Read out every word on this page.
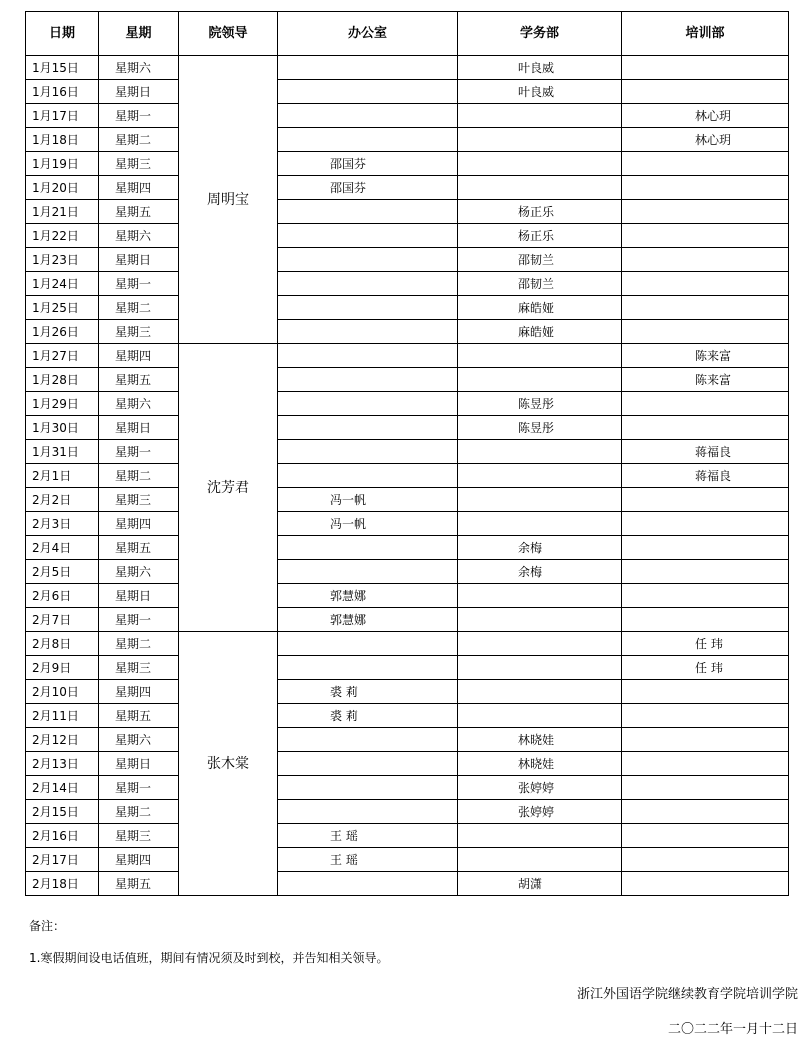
日期	星期	院领导	办公室	学务部	培训部
1月15日	星期六	周明宝		叶良威	
1月16日	星期日			叶良威	
1月17日	星期一				林心玥
1月18日	星期二				林心玥
1月19日	星期三		邵国芬		
1月20日	星期四		邵国芬		
1月21日	星期五			杨正乐	
1月22日	星期六			杨正乐	
1月23日	星期日			邵韧兰	
1月24日	星期一			邵韧兰	
1月25日	星期二			麻皓娅	
1月26日	星期三			麻皓娅	
1月27日	星期四	沈芳君			陈来富
1月28日	星期五				陈来富
1月29日	星期六			陈昱彤	
1月30日	星期日			陈昱彤	
1月31日	星期一				蒋福良
2月1日	星期二				蒋福良
2月2日	星期三		冯一帆		
2月3日	星期四		冯一帆		
2月4日	星期五			余梅	
2月5日	星期六			余梅	
2月6日	星期日		郭慧娜		
2月7日	星期一		郭慧娜		
2月8日	星期二	张木棠			任 玮
2月9日	星期三				任 玮
2月10日	星期四		裘 莉		
2月11日	星期五		裘 莉		
2月12日	星期六			林晓娃	
2月13日	星期日			林晓娃	
2月14日	星期一			张婷婷	
2月15日	星期二			张婷婷	
2月16日	星期三		王 瑶		
2月17日	星期四		王 瑶		
2月18日	星期五			胡潇	
备注：
1.寒假期间设电话值班，期间有情况须及时到校，并告知相关领导。
浙江外国语学院继续教育学院培训学院
二〇二二年一月十二日
